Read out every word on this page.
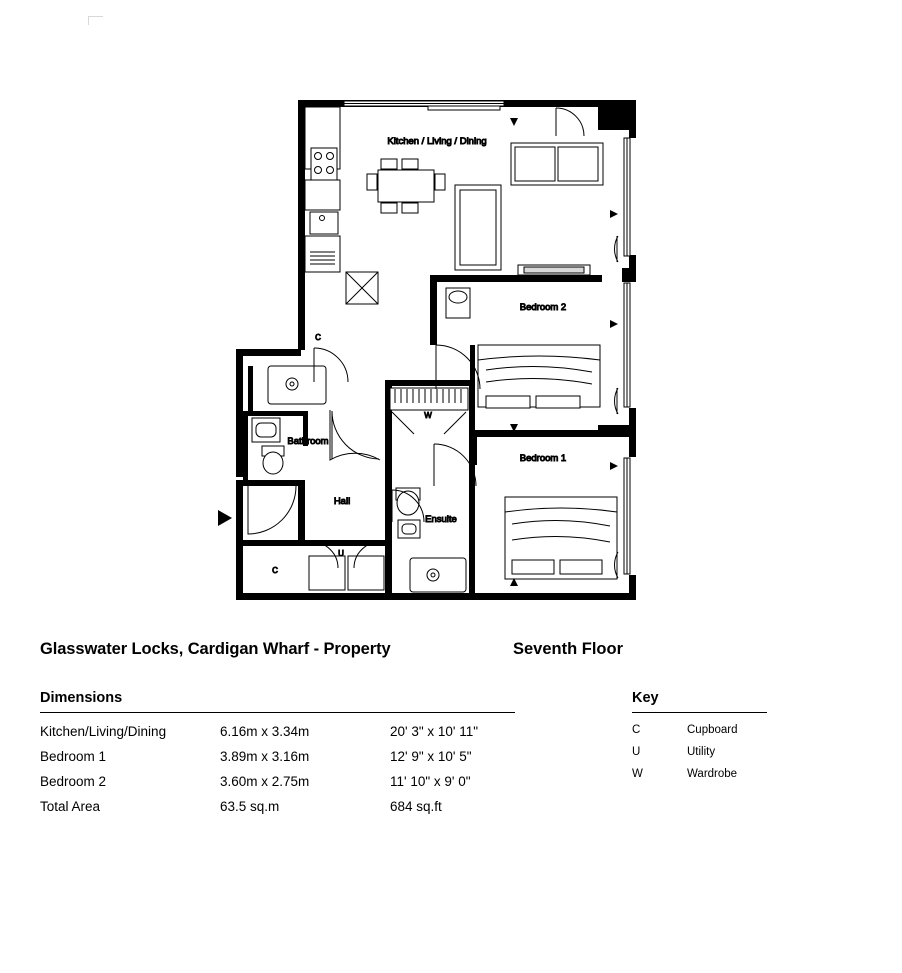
Kitchen / Living / Dining
Bedroom 2
Bedroom 1
Bathroom
Hall
Ensuite
C
C
U
W
Glasswater Locks, Cardigan Wharf - Property	Seventh Floor
Dimensions
Kitchen/Living/Dining	6.16m x 3.34m	20' 3" x 10' 11"
Bedroom 1	3.89m x 3.16m	12' 9" x 10' 5"
Bedroom 2	3.60m x 2.75m	11' 10" x 9' 0"
Total Area	63.5 sq.m	684 sq.ft
Key
C	Cupboard
U	Utility
W	Wardrobe
